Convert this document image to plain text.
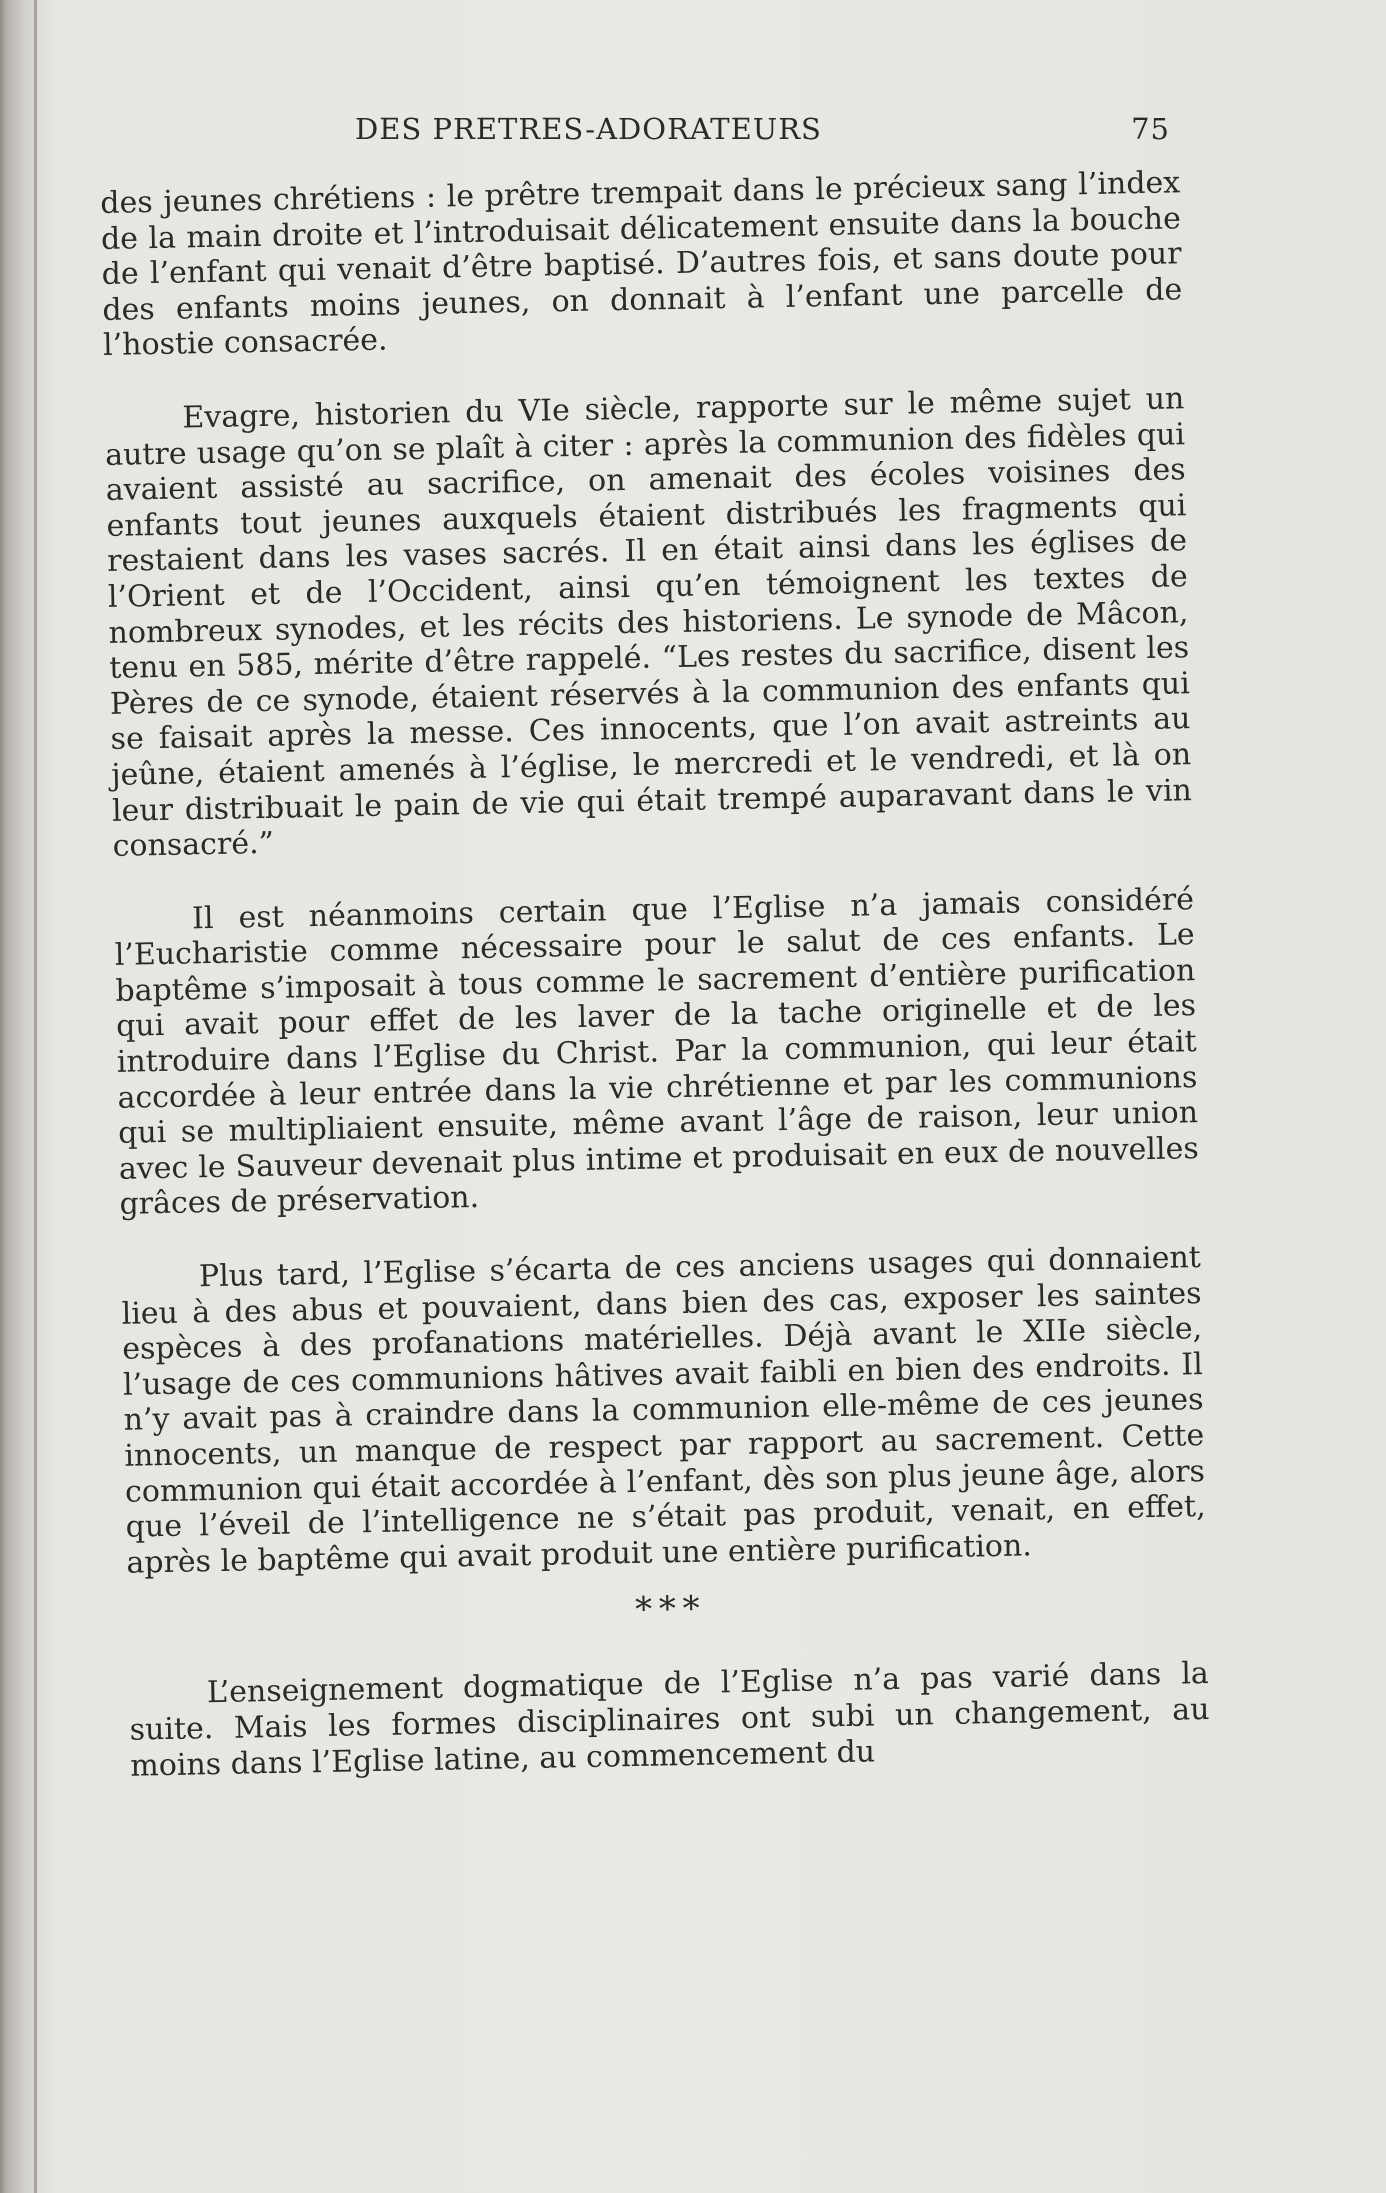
DES PRETRES-ADORATEURS	75

des jeunes chrétiens : le prêtre trempait dans le précieux sang l’index de la main droite et l’introduisait délicatement ensuite dans la bouche de l’enfant qui venait d’être baptisé. D’autres fois, et sans doute pour des enfants moins jeunes, on donnait à l’enfant une parcelle de l’hostie consacrée.

Evagre, historien du VIe siècle, rapporte sur le même sujet un autre usage qu’on se plaît à citer : après la communion des fidèles qui avaient assisté au sacrifice, on amenait des écoles voisines des enfants tout jeunes auxquels étaient distribués les fragments qui restaient dans les vases sacrés. Il en était ainsi dans les églises de l’Orient et de l’Occident, ainsi qu’en témoignent les textes de nombreux synodes, et les récits des historiens. Le synode de Mâcon, tenu en 585, mérite d’être rappelé. “Les restes du sacrifice, disent les Pères de ce synode, étaient réservés à la communion des enfants qui se faisait après la messe. Ces innocents, que l’on avait astreints au jeûne, étaient amenés à l’église, le mercredi et le vendredi, et là on leur distribuait le pain de vie qui était trempé auparavant dans le vin consacré.”

Il est néanmoins certain que l’Eglise n’a jamais considéré l’Eucharistie comme nécessaire pour le salut de ces enfants. Le baptême s’imposait à tous comme le sacrement d’entière purification qui avait pour effet de les laver de la tache originelle et de les introduire dans l’Eglise du Christ. Par la communion, qui leur était accordée à leur entrée dans la vie chrétienne et par les communions qui se multipliaient ensuite, même avant l’âge de raison, leur union avec le Sauveur devenait plus intime et produisait en eux de nouvelles grâces de préservation.

Plus tard, l’Eglise s’écarta de ces anciens usages qui donnaient lieu à des abus et pouvaient, dans bien des cas, exposer les saintes espèces à des profanations matérielles. Déjà avant le XIIe siècle, l’usage de ces communions hâtives avait faibli en bien des endroits. Il n’y avait pas à craindre dans la communion elle-même de ces jeunes innocents, un manque de respect par rapport au sacrement. Cette communion qui était accordée à l’enfant, dès son plus jeune âge, alors que l’éveil de l’intelligence ne s’était pas produit, venait, en effet, après le baptême qui avait produit une entière purification.

* * *

L’enseignement dogmatique de l’Eglise n’a pas varié dans la suite. Mais les formes disciplinaires ont subi un changement, au moins dans l’Eglise latine, au commencement du
